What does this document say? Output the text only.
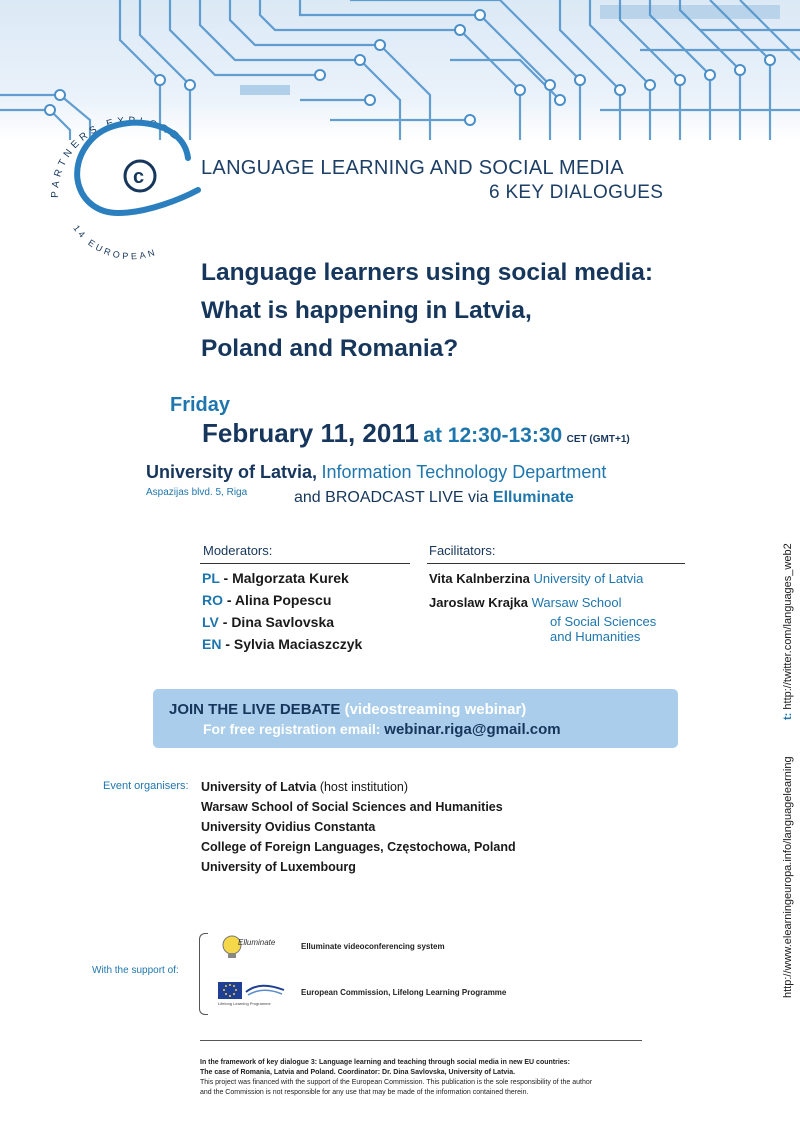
PARTNERS EXPLORE
14 EUROPEAN
c	LANGUAGE LEARNING AND SOCIAL MEDIA
6 KEY DIALOGUES
Language learners using social media:
What is happening in Latvia,
Poland and Romania?
Friday
February 11, 2011 at 12:30-13:30 CET (GMT+1)
University of Latvia, Information Technology Department
Aspazijas blvd. 5, Riga	and BROADCAST LIVE via Elluminate
Moderators:
PL - Malgorzata Kurek
RO - Alina Popescu
LV - Dina Savlovska
EN - Sylvia Maciaszczyk
Facilitators:
Vita Kalnberzina University of Latvia
Jaroslaw Krajka Warsaw School
of Social Sciences
and Humanities
JOIN THE LIVE DEBATE (videostreaming webinar)
For free registration email: webinar.riga@gmail.com
Event organisers: University of Latvia (host institution)
Warsaw School of Social Sciences and Humanities
University Ovidius Constanta
College of Foreign Languages, Częstochowa, Poland
University of Luxembourg
With the support of:
Elluminate	Elluminate videoconferencing system
Lifelong Learning Programme
European Commission, Lifelong Learning Programme
In the framework of key dialogue 3: Language learning and teaching through social media in new EU countries:
The case of Romania, Latvia and Poland. Coordinator: Dr. Dina Savlovska, University of Latvia.
This project was financed with the support of the European Commission. This publication is the sole responsibility of the author
and the Commission is not responsible for any use that may be made of the information contained therein.
t: http://twitter.com/languages_web2
http://www.elearningeuropa.info/languagelearning
